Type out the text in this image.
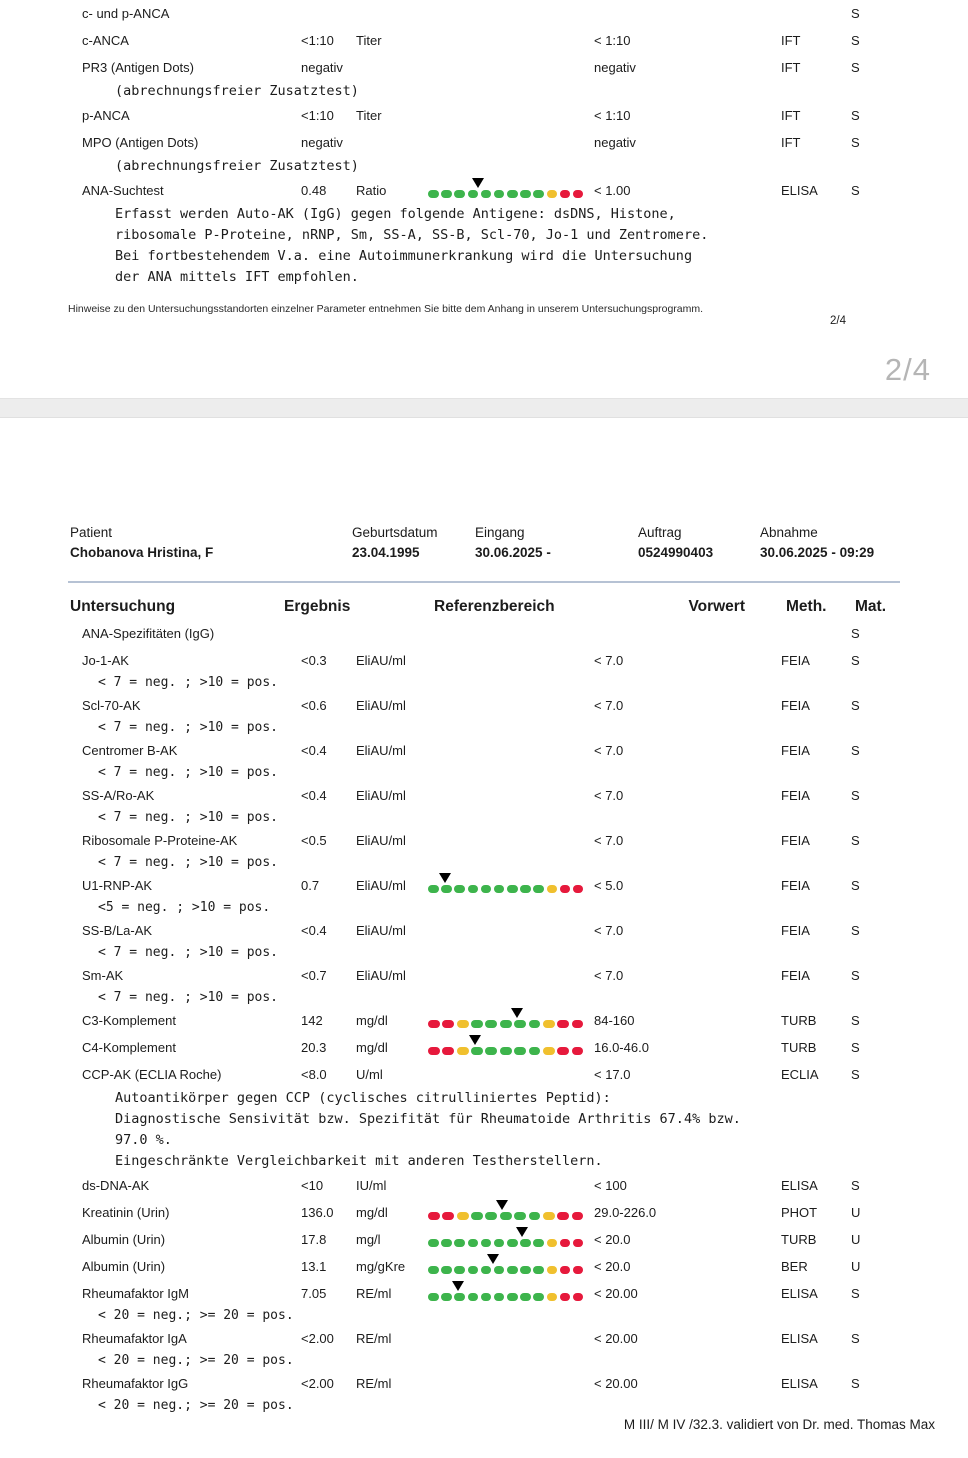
c- und p-ANCA	S
c-ANCA	<1:10 Titer	< 1:10	IFT	S
PR3 (Antigen Dots)	negativ	negativ	IFT	S
(abrechnungsfreier Zusatztest)
p-ANCA	<1:10 Titer	< 1:10	IFT	S
MPO (Antigen Dots)	negativ	negativ	IFT	S
(abrechnungsfreier Zusatztest)
ANA-Suchtest	0.48 Ratio	< 1.00	ELISA	S
Erfasst werden Auto-AK (IgG) gegen folgende Antigene: dsDNS, Histone,
ribosomale P-Proteine, nRNP, Sm, SS-A, SS-B, Scl-70, Jo-1 und Zentromere.
Bei fortbestehendem V.a. eine Autoimmunerkrankung wird die Untersuchung
der ANA mittels IFT empfohlen.
Hinweise zu den Untersuchungsstandorten einzelner Parameter entnehmen Sie bitte dem Anhang in unserem Untersuchungsprogramm.
2/4
2/4
Patient
Chobanova Hristina, F
Geburtsdatum
23.04.1995
Eingang
30.06.2025 -
Auftrag
0524990403
Abnahme
30.06.2025 - 09:29
Untersuchung	Ergebnis	Referenzbereich	Vorwert	Meth. Mat.
ANA-Spezifitäten (IgG)	S
Jo-1-AK	<0.3 EliAU/ml	< 7.0	FEIA	S
< 7 = neg. ; >10 = pos.
Scl-70-AK	<0.6 EliAU/ml	< 7.0	FEIA	S
< 7 = neg. ; >10 = pos.
Centromer B-AK	<0.4 EliAU/ml	< 7.0	FEIA	S
< 7 = neg. ; >10 = pos.
SS-A/Ro-AK	<0.4 EliAU/ml	< 7.0	FEIA	S
< 7 = neg. ; >10 = pos.
Ribosomale P-Proteine-AK	<0.5 EliAU/ml	< 7.0	FEIA	S
< 7 = neg. ; >10 = pos.
U1-RNP-AK	0.7	EliAU/ml	< 5.0	FEIA	S
<5 = neg. ; >10 = pos.
SS-B/La-AK	<0.4 EliAU/ml	< 7.0	FEIA	S
< 7 = neg. ; >10 = pos.
Sm-AK	<0.7 EliAU/ml	< 7.0	FEIA	S
< 7 = neg. ; >10 = pos.
C3-Komplement	142	mg/dl	84-160	TURB	S
C4-Komplement	20.3 mg/dl	16.0-46.0	TURB	S
CCP-AK (ECLIA Roche)	<8.0 U/ml	< 17.0	ECLIA S
Autoantikörper gegen CCP (cyclisches citrulliniertes Peptid):
Diagnostische Sensivität bzw. Spezifität für Rheumatoide Arthritis 67.4% bzw.
97.0 %.
Eingeschränkte Vergleichbarkeit mit anderen Testherstellern.
ds-DNA-AK	<10	IU/ml	< 100	ELISA	S
Kreatinin (Urin)	136.0 mg/dl	29.0-226.0	PHOT	U
Albumin (Urin)	17.8 mg/l	< 20.0	TURB	U
Albumin (Urin)	13.1 mg/gKre	< 20.0	BER	U
Rheumafaktor IgM	7.05 RE/ml	< 20.00	ELISA	S
< 20 = neg.; >= 20 = pos.
Rheumafaktor IgA	<2.00 RE/ml	< 20.00	ELISA	S
< 20 = neg.; >= 20 = pos.
Rheumafaktor IgG	<2.00 RE/ml	< 20.00	ELISA	S
< 20 = neg.; >= 20 = pos.
M III/ M IV /32.3. validiert von Dr. med. Thomas Max
